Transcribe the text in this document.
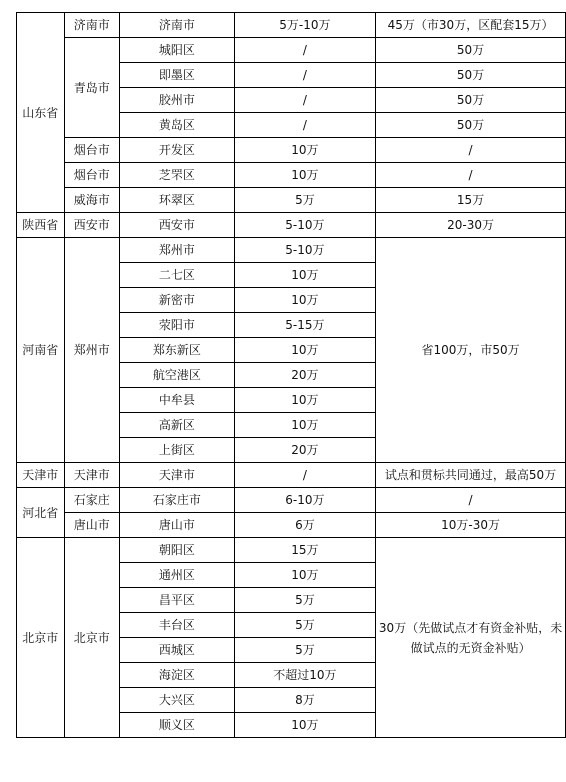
山东省	济南市	济南市	5万-10万	45万（市30万，区配套15万）
	青岛市	城阳区	/	50万
		即墨区	/	50万
		胶州市	/	50万
		黄岛区	/	50万
	烟台市	开发区	10万	/
	烟台市	芝罘区	10万	/
	威海市	环翠区	5万	15万
陕西省	西安市	西安市	5-10万	20-30万
河南省	郑州市	郑州市	5-10万	省100万，市50万
		二七区	10万	
		新密市	10万	
		荥阳市	5-15万	
		郑东新区	10万	
		航空港区	20万	
		中牟县	10万	
		高新区	10万	
		上街区	20万	
天津市	天津市	天津市	/	试点和贯标共同通过，最高50万
河北省	石家庄	石家庄市	6-10万	/
	唐山市	唐山市	6万	10万-30万
北京市	北京市	朝阳区	15万	30万（先做试点才有资金补贴，未做试点的无资金补贴）
		通州区	10万	
		昌平区	5万	
		丰台区	5万	
		西城区	5万	
		海淀区	不超过10万	
		大兴区	8万	
		顺义区	10万	
